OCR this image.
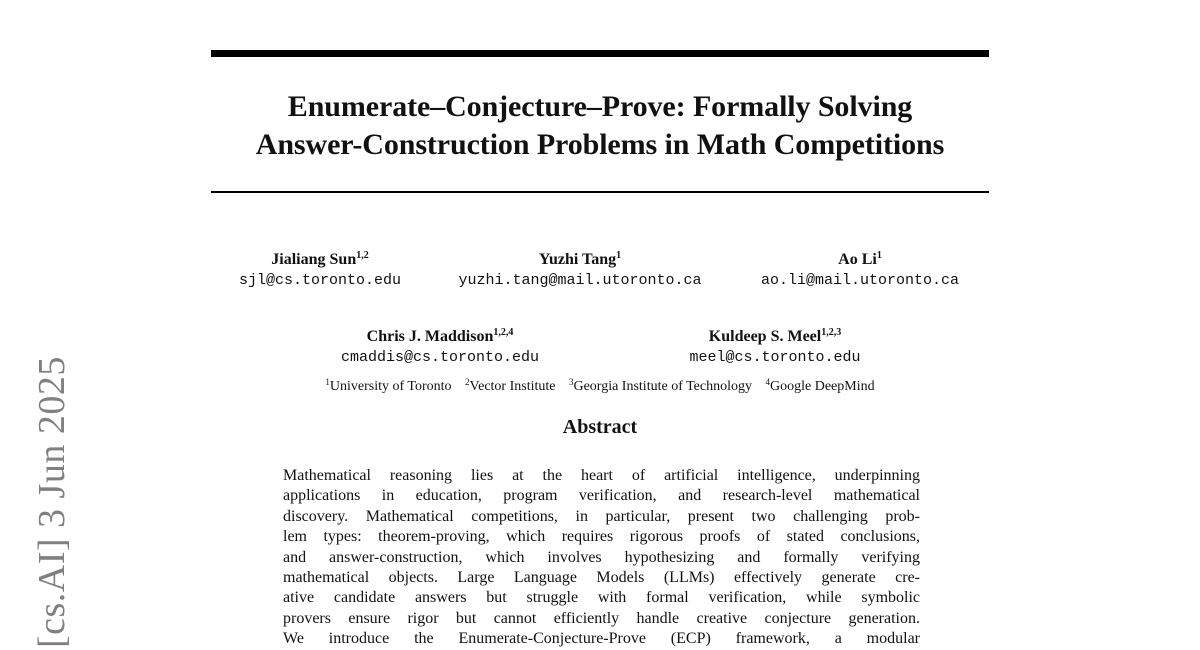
[cs.AI] 3 Jun 2025
Enumerate–Conjecture–Prove: Formally Solving
Answer-Construction Problems in Math Competitions
Jialiang Sun$^{1,2}$
sjl@cs.toronto.edu
Yuzhi Tang$^1$
yuzhi.tang@mail.utoronto.ca
Ao Li$^1$
ao.li@mail.utoronto.ca
Chris J. Maddison$^{1,2,4}$
cmaddis@cs.toronto.edu
Kuldeep S. Meel$^{1,2,3}$
meel@cs.toronto.edu
$^1$University of Toronto $^2$Vector Institute $^3$Georgia Institute of Technology $^4$Google DeepMind
Abstract
Mathematical reasoning lies at the heart of artificial intelligence, underpinning
applications in education, program verification, and research-level mathematical
discovery. Mathematical competitions, in particular, present two challenging prob-
lem types: theorem-proving, which requires rigorous proofs of stated conclusions,
and answer-construction, which involves hypothesizing and formally verifying
mathematical objects. Large Language Models (LLMs) effectively generate cre-
ative candidate answers but struggle with formal verification, while symbolic
provers ensure rigor but cannot efficiently handle creative conjecture generation.
We introduce the Enumerate-Conjecture-Prove (ECP) framework, a modular
